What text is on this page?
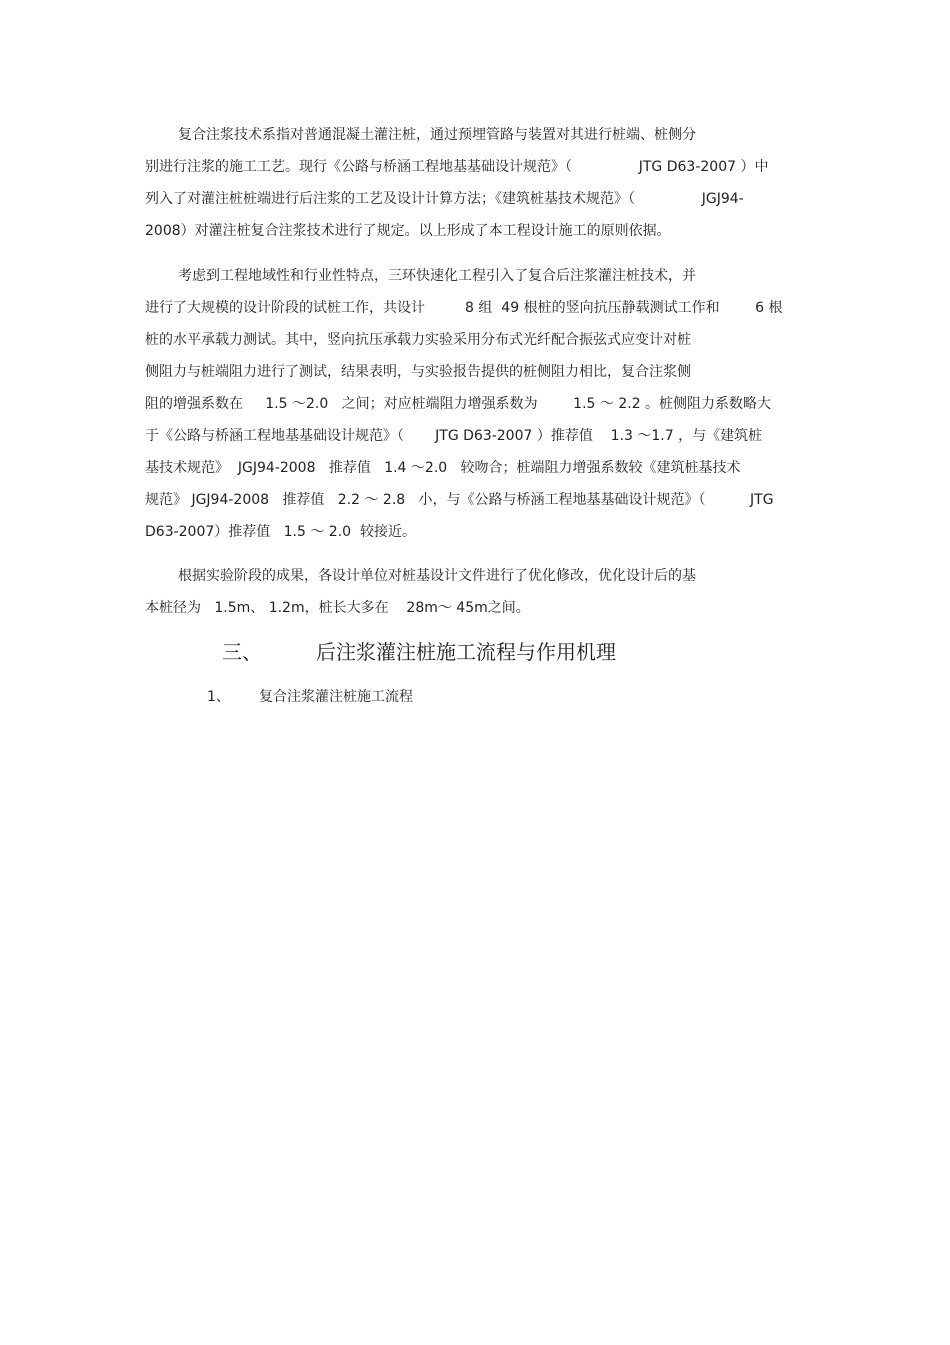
复合注浆技术系指对普通混凝土灌注桩，通过预埋管路与装置对其进行桩端、桩侧分
别进行注浆的施工工艺。现行《公路与桥涵工程地基基础设计规范》（               JTG D63-2007 ）中
列入了对灌注桩桩端进行后注浆的工艺及设计计算方法；《建筑桩基技术规范》（               JGJ94-
2008）对灌注桩复合注浆技术进行了规定。以上形成了本工程设计施工的原则依据。
考虑到工程地域性和行业性特点，三环快速化工程引入了复合后注浆灌注桩技术，并
进行了大规模的设计阶段的试桩工作，共设计         8 组  49 根桩的竖向抗压静载测试工作和        6 根
桩的水平承载力测试。其中，竖向抗压承载力实验采用分布式光纤配合振弦式应变计对桩
侧阻力与桩端阻力进行了测试，结果表明，与实验报告提供的桩侧阻力相比，复合注浆侧
阻的增强系数在     1.5 ～2.0   之间；对应桩端阻力增强系数为        1.5 ～ 2.2 。桩侧阻力系数略大
于《公路与桥涵工程地基基础设计规范》（       JTG D63-2007 ）推荐值    1.3 ～1.7 ，与《建筑桩
基技术规范》  JGJ94-2008   推荐值   1.4 ～2.0   较吻合；桩端阻力增强系数较《建筑桩基技术
规范》 JGJ94-2008   推荐值   2.2 ～ 2.8   小，与《公路与桥涵工程地基基础设计规范》（          JTG
D63-2007）推荐值   1.5 ～ 2.0  较接近。
根据实验阶段的成果，各设计单位对桩基设计文件进行了优化修改，优化设计后的基
本桩径为   1.5m、 1.2m，桩长大多在    28m～ 45m之间。
三、	后注浆灌注桩施工流程与作用机理
1、 复合注浆灌注桩施工流程
